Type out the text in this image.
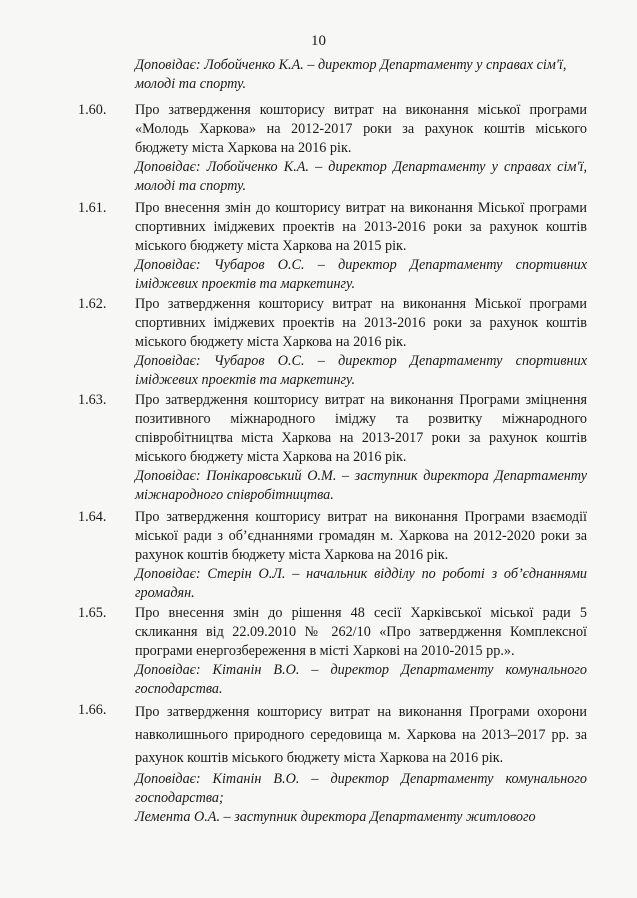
10
Доповідає: Лобойченко К.А. – директор Департаменту у справах сім'ї, молоді та спорту.
1.60. Про затвердження кошторису витрат на виконання міської програми «Молодь Харкова» на 2012-2017 роки за рахунок коштів міського бюджету міста Харкова на 2016 рік.
Доповідає: Лобойченко К.А. – директор Департаменту у справах сім'ї, молоді та спорту.
1.61. Про внесення змін до кошторису витрат на виконання Міської програми спортивних іміджевих проектів на 2013-2016 роки за рахунок коштів міського бюджету міста Харкова на 2015 рік.
Доповідає: Чубаров О.С. – директор Департаменту спортивних іміджевих проектів та маркетингу.
1.62. Про затвердження кошторису витрат на виконання Міської програми спортивних іміджевих проектів на 2013-2016 роки за рахунок коштів міського бюджету міста Харкова на 2016 рік.
Доповідає: Чубаров О.С. – директор Департаменту спортивних іміджевих проектів та маркетингу.
1.63. Про затвердження кошторису витрат на виконання Програми зміцнення позитивного міжнародного іміджу та розвитку міжнародного співробітництва міста Харкова на 2013-2017 роки за рахунок коштів міського бюджету міста Харкова на 2016 рік.
Доповідає: Понікаровський О.М. – заступник директора Департаменту міжнародного співробітництва.
1.64. Про затвердження кошторису витрат на виконання Програми взаємодії міської ради з об’єднаннями громадян м. Харкова на 2012-2020 роки за рахунок коштів бюджету міста Харкова на 2016 рік.
Доповідає: Стерін О.Л. – начальник відділу по роботі з об’єднаннями громадян.
1.65. Про внесення змін до рішення 48 сесії Харківської міської ради 5 скликання від 22.09.2010 № 262/10 «Про затвердження Комплексної програми енергозбереження в місті Харкові на 2010-2015 рр.».
Доповідає: Кітанін В.О. – директор Департаменту комунального господарства.
1.66. Про затвердження кошторису витрат на виконання Програми охорони навколишнього природного середовища м. Харкова на 2013–2017 рр. за рахунок коштів міського бюджету міста Харкова на 2016 рік.
Доповідає: Кітанін В.О. – директор Департаменту комунального господарства;
Лемента О.А. – заступник директора Департаменту житлового
